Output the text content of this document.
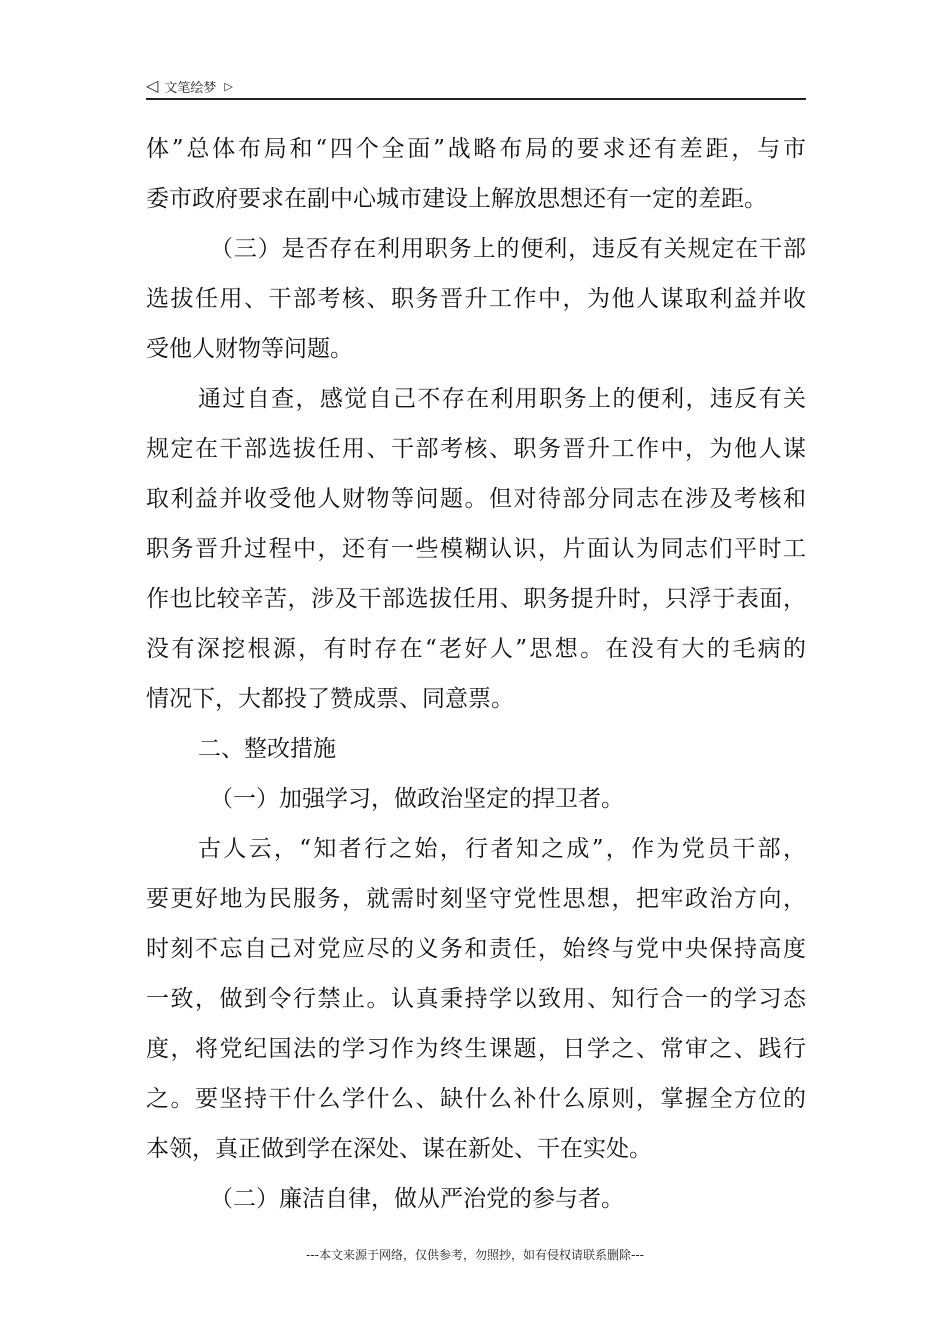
◁ 文笔绘梦 ▷
体”总体布局和“四个全面”战略布局的要求还有差距，与市
委市政府要求在副中心城市建设上解放思想还有一定的差距。
（三）是否存在利用职务上的便利，违反有关规定在干部
选拔任用、干部考核、职务晋升工作中，为他人谋取利益并收
受他人财物等问题。
通过自查，感觉自己不存在利用职务上的便利，违反有关
规定在干部选拔任用、干部考核、职务晋升工作中，为他人谋
取利益并收受他人财物等问题。但对待部分同志在涉及考核和
职务晋升过程中，还有一些模糊认识，片面认为同志们平时工
作也比较辛苦，涉及干部选拔任用、职务提升时，只浮于表面，
没有深挖根源，有时存在“老好人”思想。在没有大的毛病的
情况下，大都投了赞成票、同意票。
二、整改措施
（一）加强学习，做政治坚定的捍卫者。
古人云，“知者行之始，行者知之成”，作为党员干部，
要更好地为民服务，就需时刻坚守党性思想，把牢政治方向，
时刻不忘自己对党应尽的义务和责任，始终与党中央保持高度
一致，做到令行禁止。认真秉持学以致用、知行合一的学习态
度，将党纪国法的学习作为终生课题，日学之、常审之、践行
之。要坚持干什么学什么、缺什么补什么原则，掌握全方位的
本领，真正做到学在深处、谋在新处、干在实处。
（二）廉洁自律，做从严治党的参与者。
---本文来源于网络，仅供参考，勿照抄，如有侵权请联系删除---
